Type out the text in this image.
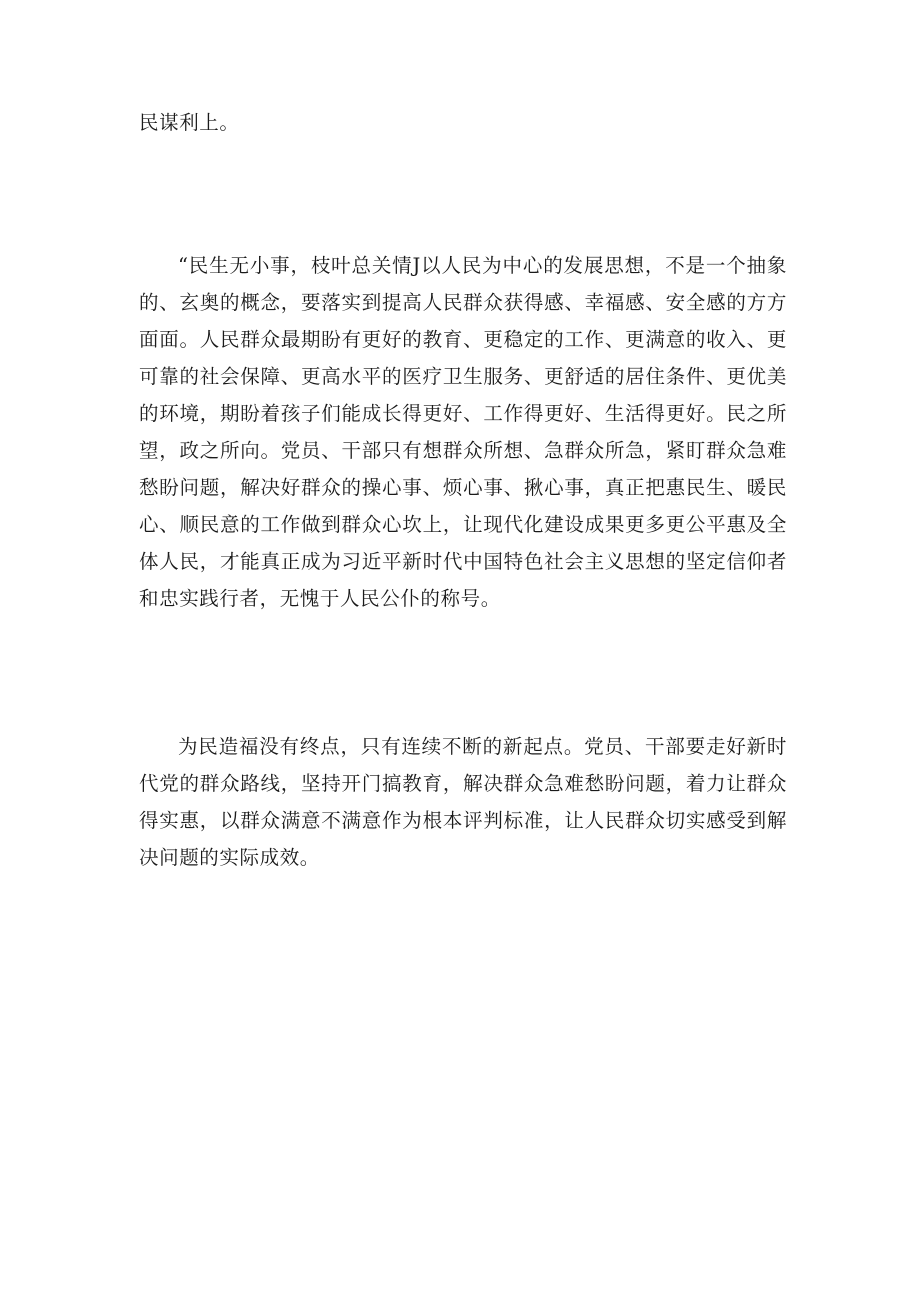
民谋利上。

“民生无小事，枝叶总关情J以人民为中心的发展思想，不是一个抽象的、玄奥的概念，要落实到提高人民群众获得感、幸福感、安全感的方方面面。人民群众最期盼有更好的教育、更稳定的工作、更满意的收入、更可靠的社会保障、更高水平的医疗卫生服务、更舒适的居住条件、更优美的环境，期盼着孩子们能成长得更好、工作得更好、生活得更好。民之所望，政之所向。党员、干部只有想群众所想、急群众所急，紧盯群众急难愁盼问题，解决好群众的操心事、烦心事、揪心事，真正把惠民生、暖民心、顺民意的工作做到群众心坎上，让现代化建设成果更多更公平惠及全体人民，才能真正成为习近平新时代中国特色社会主义思想的坚定信仰者和忠实践行者，无愧于人民公仆的称号。

为民造福没有终点，只有连续不断的新起点。党员、干部要走好新时代党的群众路线，坚持开门搞教育，解决群众急难愁盼问题，着力让群众得实惠，以群众满意不满意作为根本评判标准，让人民群众切实感受到解决问题的实际成效。
